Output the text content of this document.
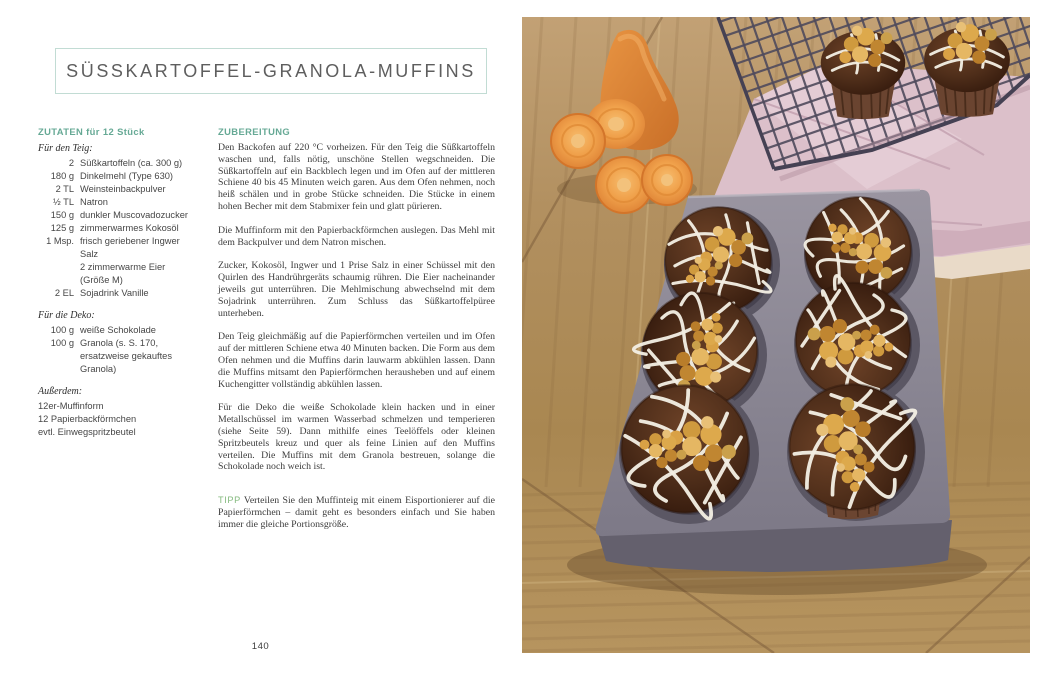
SÜSSKARTOFFEL-GRANOLA-MUFFINS
ZUTATEN für 12 Stück
Für den Teig:
2 Süßkartoffeln (ca. 300 g)
180 g Dinkelmehl (Type 630)
2 TL Weinsteinbackpulver
½ TL Natron
150 g dunkler Muscovadozucker
125 g zimmerwarmes Kokosöl
1 Msp. frisch geriebener Ingwer
Salz
2 zimmerwarme Eier
(Größe M)
2 EL Sojadrink Vanille
Für die Deko:
100 g weiße Schokolade
100 g Granola (s. S. 170,
ersatzweise gekauftes
Granola)
Außerdem:
12er-Muffinform
12 Papierbackförmchen
evtl. Einwegspritzbeutel
ZUBEREITUNG

Den Backofen auf 220 °C vorheizen. Für den Teig die Süßkartoffeln waschen und, falls nötig, unschöne Stellen wegschneiden. Die Süßkartoffeln auf ein Backblech legen und im Ofen auf der mittleren Schiene 40 bis 45 Minuten weich garen. Aus dem Ofen nehmen, noch heiß schälen und in grobe Stücke schneiden. Die Stücke in einem hohen Becher mit dem Stabmixer fein und glatt pürieren.

Die Muffinform mit den Papierbackförmchen auslegen. Das Mehl mit dem Backpulver und dem Natron mischen.

Zucker, Kokosöl, Ingwer und 1 Prise Salz in einer Schüssel mit den Quirlen des Handrührgeräts schaumig rühren. Die Eier nacheinander jeweils gut unterrühren. Die Mehlmischung abwechselnd mit dem Sojadrink unterrühren. Zum Schluss das Süßkartoffelpüree unterheben.

Den Teig gleichmäßig auf die Papierförmchen verteilen und im Ofen auf der mittleren Schiene etwa 40 Minuten backen. Die Form aus dem Ofen nehmen und die Muffins darin lauwarm abkühlen lassen. Dann die Muffins mitsamt den Papierförmchen herausheben und auf einem Kuchengitter vollständig abkühlen lassen.

Für die Deko die weiße Schokolade klein hacken und in einer Metallschüssel im warmen Wasserbad schmelzen und temperieren (siehe Seite 59). Dann mithilfe eines Teelöffels oder kleinen Spritzbeutels kreuz und quer als feine Linien auf den Muffins verteilen. Die Muffins mit dem Granola bestreuen, solange die Schokolade noch weich ist.

TIPP Verteilen Sie den Muffinteig mit einem Eisportionierer auf die Papierförmchen – damit geht es besonders einfach und Sie haben immer die gleiche Portionsgröße.

140
